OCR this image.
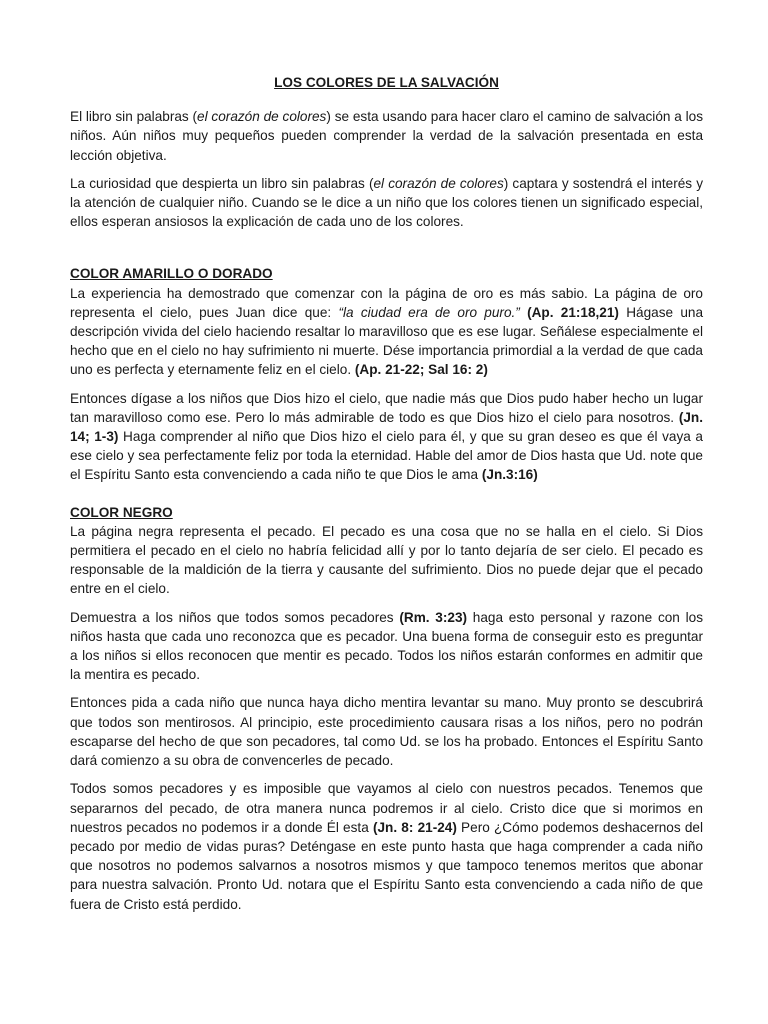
LOS COLORES DE LA SALVACIÓN

El libro sin palabras (el corazón de colores) se esta usando para hacer claro el camino de salvación a los niños. Aún niños muy pequeños pueden comprender la verdad de la salvación presentada en esta lección objetiva.

La curiosidad que despierta un libro sin palabras (el corazón de colores) captara y sostendrá el interés y la atención de cualquier niño. Cuando se le dice a un niño que los colores tienen un significado especial, ellos esperan ansiosos la explicación de cada uno de los colores.

COLOR AMARILLO O DORADO

La experiencia ha demostrado que comenzar con la página de oro es más sabio. La página de oro representa el cielo, pues Juan dice que: “la ciudad era de oro puro.” (Ap. 21:18,21) Hágase una descripción vivida del cielo haciendo resaltar lo maravilloso que es ese lugar. Señálese especialmente el hecho que en el cielo no hay sufrimiento ni muerte. Dése importancia primordial a la verdad de que cada uno es perfecta y eternamente feliz en el cielo. (Ap. 21-22; Sal 16: 2)

Entonces dígase a los niños que Dios hizo el cielo, que nadie más que Dios pudo haber hecho un lugar tan maravilloso como ese. Pero lo más admirable de todo es que Dios hizo el cielo para nosotros. (Jn. 14; 1-3) Haga comprender al niño que Dios hizo el cielo para él, y que su gran deseo es que él vaya a ese cielo y sea perfectamente feliz por toda la eternidad. Hable del amor de Dios hasta que Ud. note que el Espíritu Santo esta convenciendo a cada niño te que Dios le ama (Jn.3:16)

COLOR NEGRO

La página negra representa el pecado. El pecado es una cosa que no se halla en el cielo. Si Dios permitiera el pecado en el cielo no habría felicidad allí y por lo tanto dejaría de ser cielo. El pecado es responsable de la maldición de la tierra y causante del sufrimiento. Dios no puede dejar que el pecado entre en el cielo.

Demuestra a los niños que todos somos pecadores (Rm. 3:23) haga esto personal y razone con los niños hasta que cada uno reconozca que es pecador. Una buena forma de conseguir esto es preguntar a los niños si ellos reconocen que mentir es pecado. Todos los niños estarán conformes en admitir que la mentira es pecado.

Entonces pida a cada niño que nunca haya dicho mentira levantar su mano. Muy pronto se descubrirá que todos son mentirosos. Al principio, este procedimiento causara risas a los niños, pero no podrán escaparse del hecho de que son pecadores, tal como Ud. se los ha probado. Entonces el Espíritu Santo dará comienzo a su obra de convencerles de pecado.

Todos somos pecadores y es imposible que vayamos al cielo con nuestros pecados. Tenemos que separarnos del pecado, de otra manera nunca podremos ir al cielo. Cristo dice que si morimos en nuestros pecados no podemos ir a donde Él esta (Jn. 8: 21-24) Pero ¿Cómo podemos deshacernos del pecado por medio de vidas puras? Deténgase en este punto hasta que haga comprender a cada niño que nosotros no podemos salvarnos a nosotros mismos y que tampoco tenemos meritos que abonar para nuestra salvación. Pronto Ud. notara que el Espíritu Santo esta convenciendo a cada niño de que fuera de Cristo está perdido.
